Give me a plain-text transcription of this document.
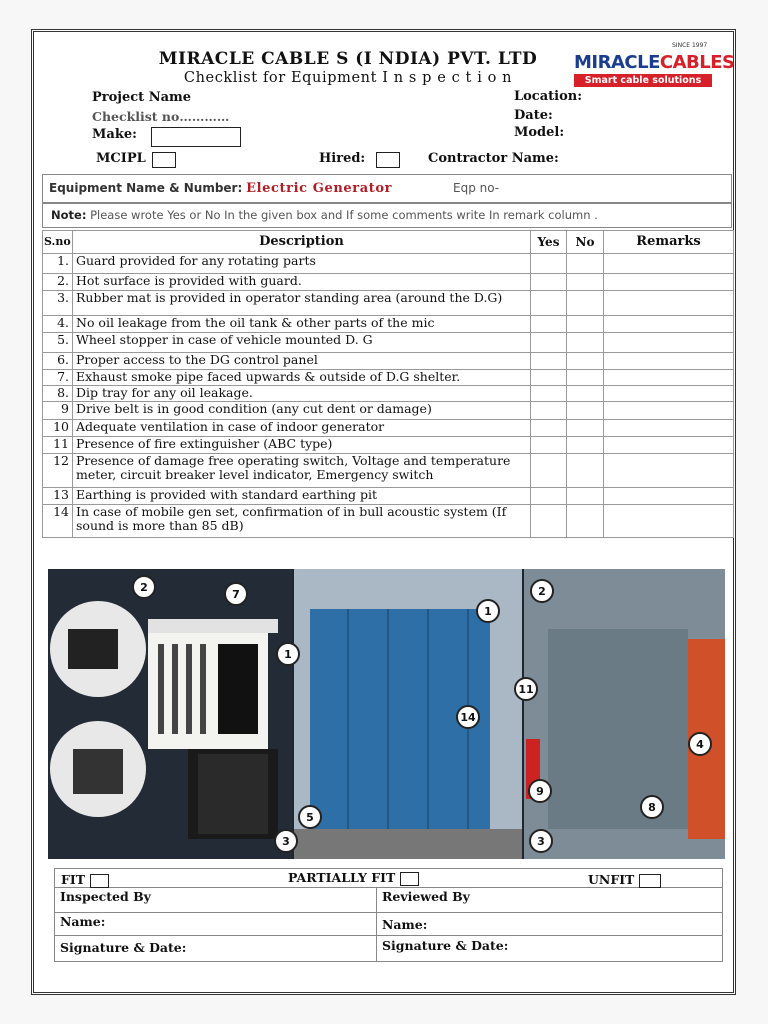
MIRACLE CABLE S (I NDIA) PVT. LTD
Checklist for Equipment I n s p e c t i o n
SINCE 1997
MIRACLECABLES
Smart cable solutions
Project Name
Checklist no…………
Make:
Location:
Date:
Model:
MCIPL	Hired:	Contractor Name:
Equipment Name & Number: Electric Generator	Eqp no-
Note: Please wrote Yes or No In the given box and If some comments write In remark column .
S.no	Description	Yes	No	Remarks
1.	Guard provided for any rotating parts			
2.	Hot surface is provided with guard.			
3.	Rubber mat is provided in operator standing area (around the D.G)			
4.	No oil leakage from the oil tank & other parts of the mic			
5.	Wheel stopper in case of vehicle mounted D. G			
6.	Proper access to the DG control panel			
7.	Exhaust smoke pipe faced upwards & outside of D.G shelter.			
8.	Dip tray for any oil leakage.			
9	Drive belt is in good condition (any cut dent or damage)			
10	Adequate ventilation in case of indoor generator			
11	Presence of fire extinguisher (ABC type)			
12	Presence of damage free operating switch, Voltage and temperature meter, circuit breaker level indicator, Emergency switch			
13	Earthing is provided with standard earthing pit			
14	In case of mobile gen set, confirmation of in bull acoustic system (If sound is more than 85 dB)			
2
7
1
3
1
14
5
2
11
4
9
8
3
FIT PARTIALLY FIT UNFIT	

Inspected By	Reviewed By
Name:	Name:
Signature & Date:	Signature & Date:
